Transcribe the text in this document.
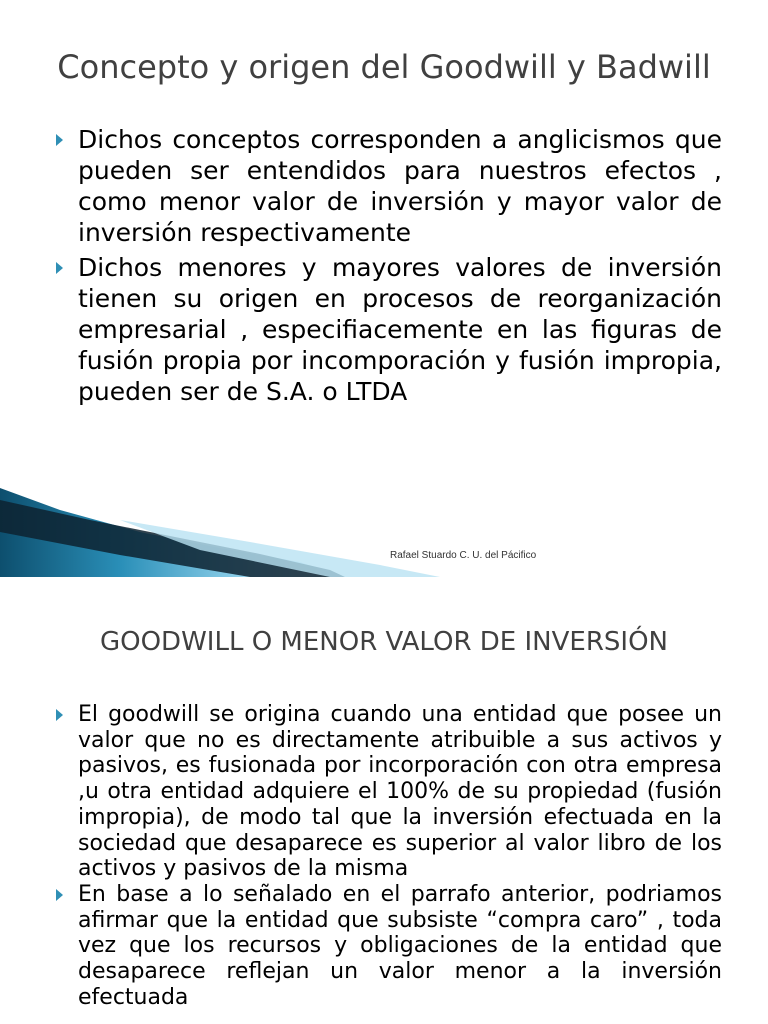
Concepto y origen del Goodwill y Badwill
Dichos conceptos corresponden a anglicismos que pueden ser entendidos para nuestros efectos , como menor valor de inversión y mayor valor de inversión respectivamente
Dichos menores y mayores valores de inversión tienen su origen en procesos de reorganización empresarial , especifiacemente en las figuras de fusión propia por incomporación y fusión impropia, pueden ser de S.A. o LTDA
Rafael Stuardo C. U. del Pácifico
GOODWILL O MENOR VALOR DE INVERSIÓN
El goodwill se origina cuando una entidad que posee un valor que no es directamente atribuible a sus activos y pasivos, es fusionada por incorporación con otra empresa ,u otra entidad adquiere el 100% de su propiedad (fusión impropia), de modo tal que la inversión efectuada en la sociedad que desaparece es superior al valor libro de los activos y pasivos de la misma
En base a lo señalado en el parrafo anterior, podriamos afirmar que la entidad que subsiste “compra caro” , toda vez que los recursos y obligaciones de la entidad que desaparece reflejan un valor menor a la inversión efectuada
